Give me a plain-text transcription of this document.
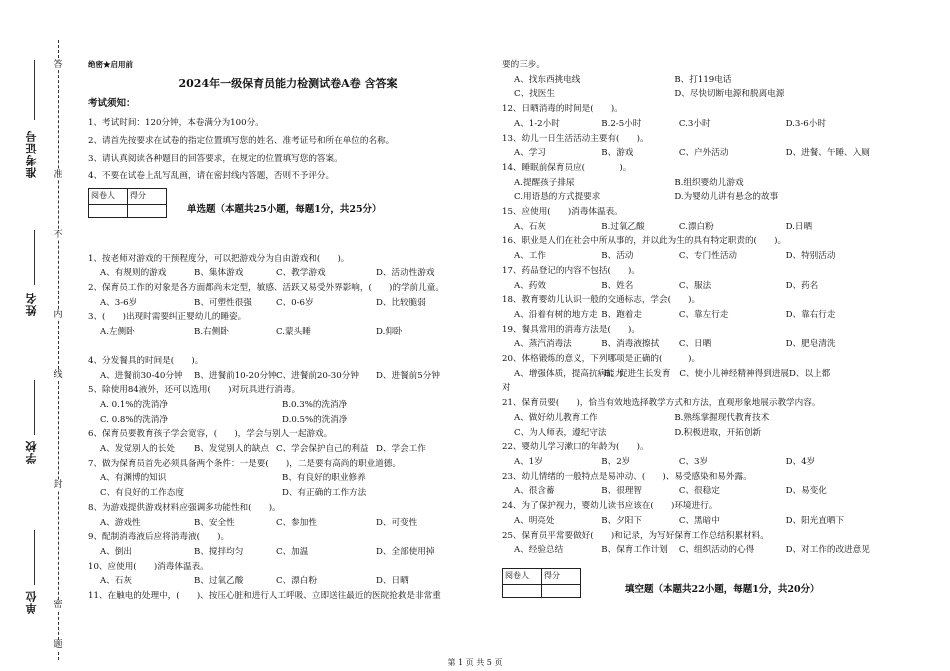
准考证号
姓名
学校
单位 密
封
线
内
不
准
答
题
绝密★启用前
2024年一级保育员能力检测试卷A卷 含答案
考试须知：
1、考试时间：120分钟，本卷满分为100分。
2、请首先按要求在试卷的指定位置填写您的姓名、准考证号和所在单位的名称。
3、请认真阅读各种题目的回答要求，在规定的位置填写您的答案。
4、不要在试卷上乱写乱画，请在密封线内答题，否则不予评分。
阅卷人	得分

单选题（本题共25小题，每题1分，共25分）
1、按老师对游戏的干预程度分，可以把游戏分为自由游戏和(　　)。
A、有规则的游戏	B、集体游戏	C、教学游戏	D、活动性游戏
2、保育员工作的对象是各方面都尚未定型，敏感、活跃又易受外界影响，(　　)的学前儿童。
A、3-6岁	B、可塑性很强	C、0-6岁	D、比较脆弱
3、(　　)出现时需要纠正婴幼儿的睡姿。
A.左侧卧	B.右侧卧	C.蒙头睡	D.仰卧
4、分发餐具的时间是(　　)。
A、进餐前30-40分钟	B、进餐前10-20分钟 C、进餐前20-30分钟	D、进餐前5分钟
5、除使用84液外，还可以选用(　　)对玩具进行消毒。
A. 0.1%的洗消净	B.0.3%的洗消净
C. 0.8%的洗消净	D.0.5%的洗消净
6、保育员要教育孩子学会宽容，(　　)，学会与别人一起游戏。
A、发觉别人的长处	B、发觉别人的缺点 C、学会保护自己的利益 D、学会工作
7、做为保育员首先必须具备两个条件：一是要(　　)，二是要有高尚的职业道德。
A、有渊博的知识	B、有良好的职业修养
C、有良好的工作态度	D、有正确的工作方法
8、为游戏提供游戏材料应强调多功能性和(　　)。
A、游戏性	B、安全性	C、参加性	D、可变性
9、配制消毒液后应将消毒液(　　)。
A、倒出	B、搅拌均匀	C、加温	D、全部使用掉
10、应使用(　　)消毒体温表。
A、石灰	B、过氧乙酸	C、漂白粉	D、日晒
11、在触电的处理中，(　　)、按压心脏和进行人工呼吸、立即送往最近的医院抢救是非常重
要的三步。
A、找东西挑电线	B、打119电话
C、找医生	D、尽快切断电源和脱离电源
12、日晒消毒的时间是(　　)。
A、1-2小时	B.2-5小时	C.3小时	D.3-6小时
13、幼儿一日生活活动主要有(　　)。
A、学习	B、游戏	C、户外活动	D、进餐、午睡、入厕
14、睡眠前保育员应(　　　　)。
A.提醒孩子排尿	B.组织婴幼儿游戏
C.用语恳的方式提要求	D.为婴幼儿讲有悬念的故事
15、应使用(　　)消毒体温表。
A、石灰	B.过氧乙酸	C.漂白粉	D.日晒
16、职业是人们在社会中所从事的，并以此为生的具有特定职责的(　　)。
A、工作	B、活动	C、专门性活动	D、特别活动
17、药品登记的内容不包括(　　)。
A、药效	B、姓名	C、服法	D、药名
18、教育婴幼儿认识一般的交通标志，学会(　　)。
A、沿着有树的地方走 B、跑着走	C、靠左行走	D、靠右行走
19、餐具常用的消毒方法是(　　)。
A、蒸汽消毒法	B、消毒液擦拭	C、日晒	D、肥皂清洗
20、体格锻炼的意义，下列哪项是正确的(　　　)。
A、增强体质，提高抗病能力
B、促进生长发育	C、使小儿神经精神得到进展 D、以上都
对
21、保育员要(　　)，恰当有效地选择教学方式和方法，直观形象地展示教学内容。
A、做好幼儿教育工作	B.熟练掌握现代教育技术
C、为人师表，遵纪守法	D.积极进取，开拓创新
22、婴幼儿学习漱口的年龄为(　　)。
A、1岁	B、2岁	C、3岁	D、4岁
23、幼儿情绪的一般特点是易冲动、(　　)、易受感染和易外露。
A、很含蓄	B、很理智	C、很稳定	D、易变化
24、为了保护视力，婴幼儿读书应该在(　　)环境进行。
A、明亮处	B、夕阳下	C、黑暗中	D、阳光直晒下
25、保育员平常要做好(　　)和记录，为写好保育工作总结积累材料。
A、经验总结	B、保育工作计划	C、组织活动的心得	D、对工作的改进意见
阅卷人	得分

填空题（本题共22小题，每题1分，共20分）
第 1 页 共 5 页
